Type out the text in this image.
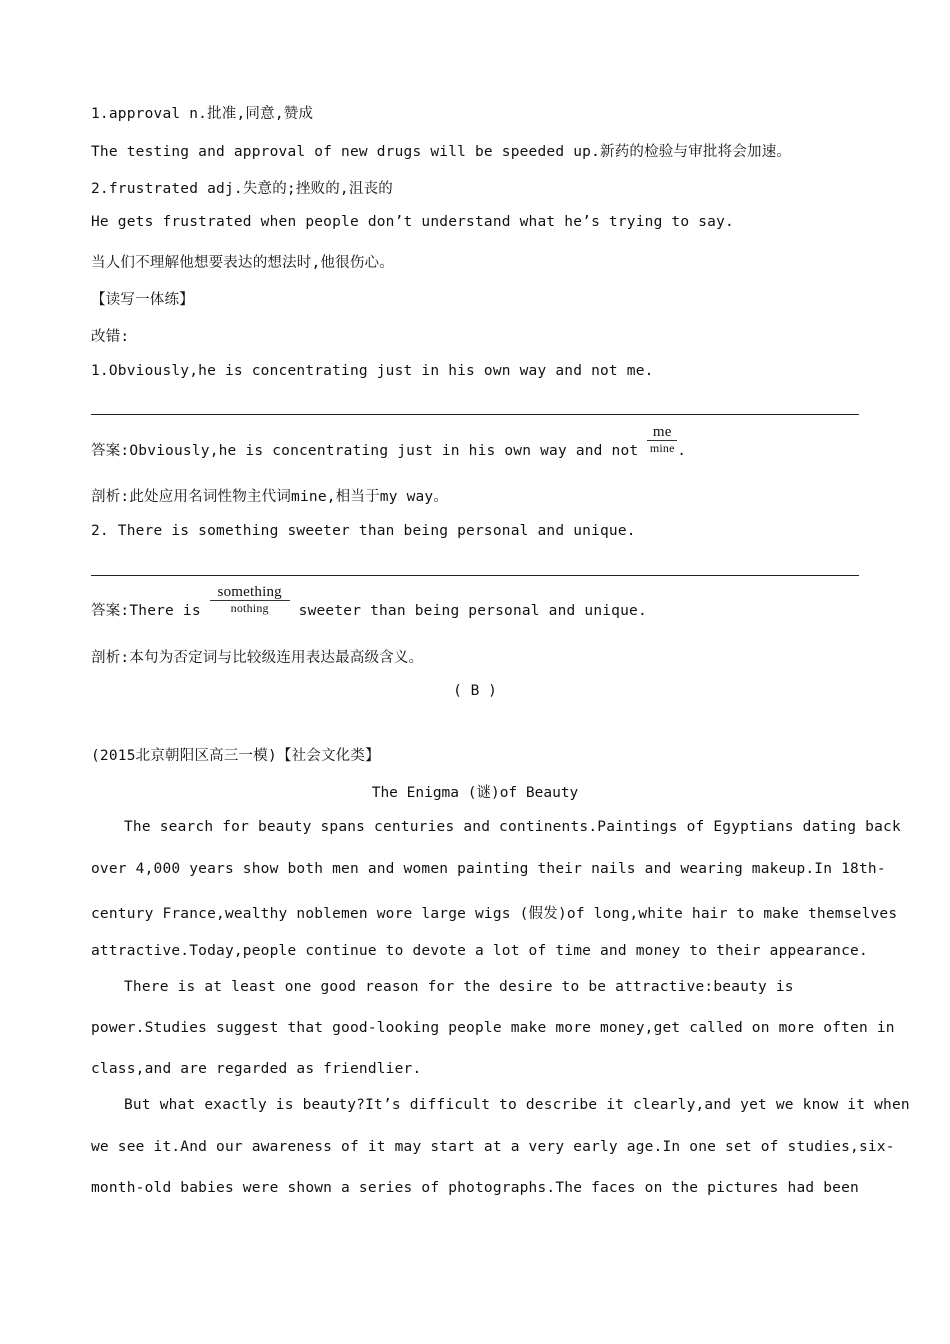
1.approval n.批准,同意,赞成
The testing and approval of new drugs will be speeded up.新药的检验与审批将会加速。
2.frustrated adj.失意的;挫败的,沮丧的
He gets frustrated when people don’t understand what he’s trying to say.
当人们不理解他想要表达的想法时,他很伤心。
【读写一体练】
改错:
1.Obviously,he is concentrating just in his own way and not me.
答案:Obviously,he is concentrating just in his own way and not
me
mine .
剖析:此处应用名词性物主代词mine,相当于my way。
2. There is something sweeter than being personal and unique.
答案:There is
something
nothing	sweeter than being personal and unique.
剖析:本句为否定词与比较级连用表达最高级含义。
( B )
(2015北京朝阳区高三一模)【社会文化类】
The Enigma (谜)of Beauty
The search for beauty spans centuries and continents.Paintings of Egyptians dating back
over 4,000 years show both men and women painting their nails and wearing makeup.In 18th-
century France,wealthy noblemen wore large wigs (假发)of long,white hair to make themselves
attractive.Today,people continue to devote a lot of time and money to their appearance.
There is at least one good reason for the desire to be attractive:beauty is
power.Studies suggest that good-looking people make more money,get called on more often in
class,and are regarded as friendlier.
But what exactly is beauty?It’s difficult to describe it clearly,and yet we know it when
we see it.And our awareness of it may start at a very early age.In one set of studies,six-
month-old babies were shown a series of photographs.The faces on the pictures had been
